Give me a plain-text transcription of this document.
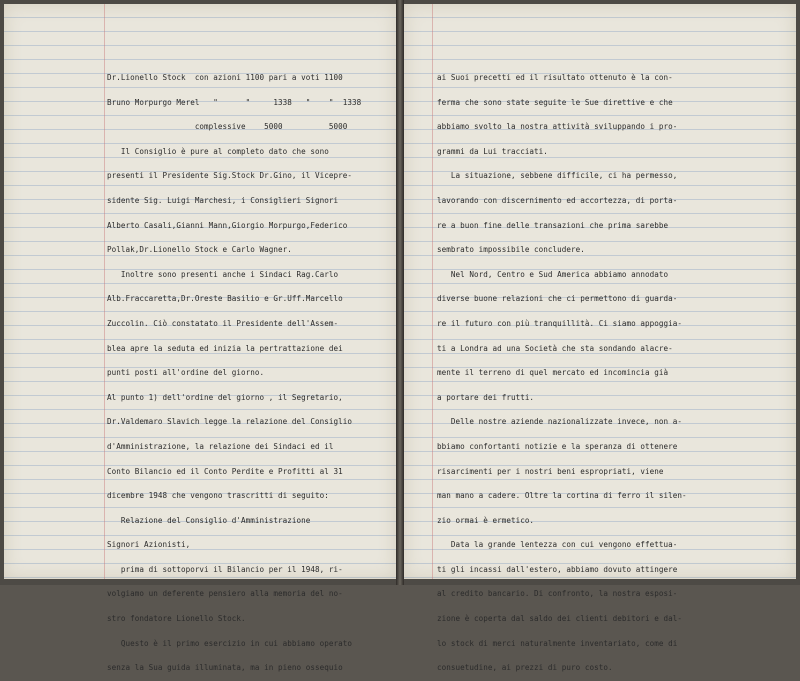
Dr.Lionello Stock  con azioni 1100 pari a voti 1100
Bruno Morpurgo Merel   "      "     1338   "    "  1338
complessive    5000          5000
Il Consiglio è pure al completo dato che sono
presenti il Presidente Sig.Stock Dr.Gino, il Vicepre-
sidente Sig. Luigi Marchesi, i Consiglieri Signori
Alberto Casali,Gianni Mann,Giorgio Morpurgo,Federico
Pollak,Dr.Lionello Stock e Carlo Wagner.
Inoltre sono presenti anche i Sindaci Rag.Carlo
Alb.Fraccaretta,Dr.Oreste Basilio e Gr.Uff.Marcello
Zuccolin. Ciò constatato il Presidente dell'Assem-
blea apre la seduta ed inizia la pertrattazione dei
punti posti all'ordine del giorno.
Al punto 1) dell'ordine del giorno , il Segretario,
Dr.Valdemaro Slavich legge la relazione del Consiglio
d'Amministrazione, la relazione dei Sindaci ed il
Conto Bilancio ed il Conto Perdite e Profitti al 31
dicembre 1948 che vengono trascritti di seguito:
Relazione del Consiglio d'Amministrazione
Signori Azionisti,
prima di sottoporvi il Bilancio per il 1948, ri-
volgiamo un deferente pensiero alla memoria del no-
stro fondatore Lionello Stock.
Questo è il primo esercizio in cui abbiamo operato
senza la Sua guida illuminata, ma in pieno ossequio
ai Suoi precetti ed il risultato ottenuto è la con-
ferma che sono state seguite le Sue direttive e che
abbiamo svolto la nostra attività sviluppando i pro-
grammi da Lui tracciati.
La situazione, sebbene difficile, ci ha permesso,
lavorando con discernimento ed accortezza, di porta-
re a buon fine delle transazioni che prima sarebbe
sembrato impossibile concludere.
Nel Nord, Centro e Sud America abbiamo annodato
diverse buone relazioni che ci permettono di guarda-
re il futuro con più tranquillità. Ci siamo appoggia-
ti a Londra ad una Società che sta sondando alacre-
mente il terreno di quel mercato ed incomincia già
a portare dei frutti.
Delle nostre aziende nazionalizzate invece, non a-
bbiamo confortanti notizie e la speranza di ottenere
risarcimenti per i nostri beni espropriati, viene
man mano a cadere. Oltre la cortina di ferro il silen-
zio ormai è ermetico.
Data la grande lentezza con cui vengono effettua-
ti gli incassi dall'estero, abbiamo dovuto attingere
al credito bancario. Di confronto, la nostra esposi-
zione è coperta dal saldo dei clienti debitori e dal-
lo stock di merci naturalmente inventariato, come di
consuetudine, ai prezzi di puro costo.
